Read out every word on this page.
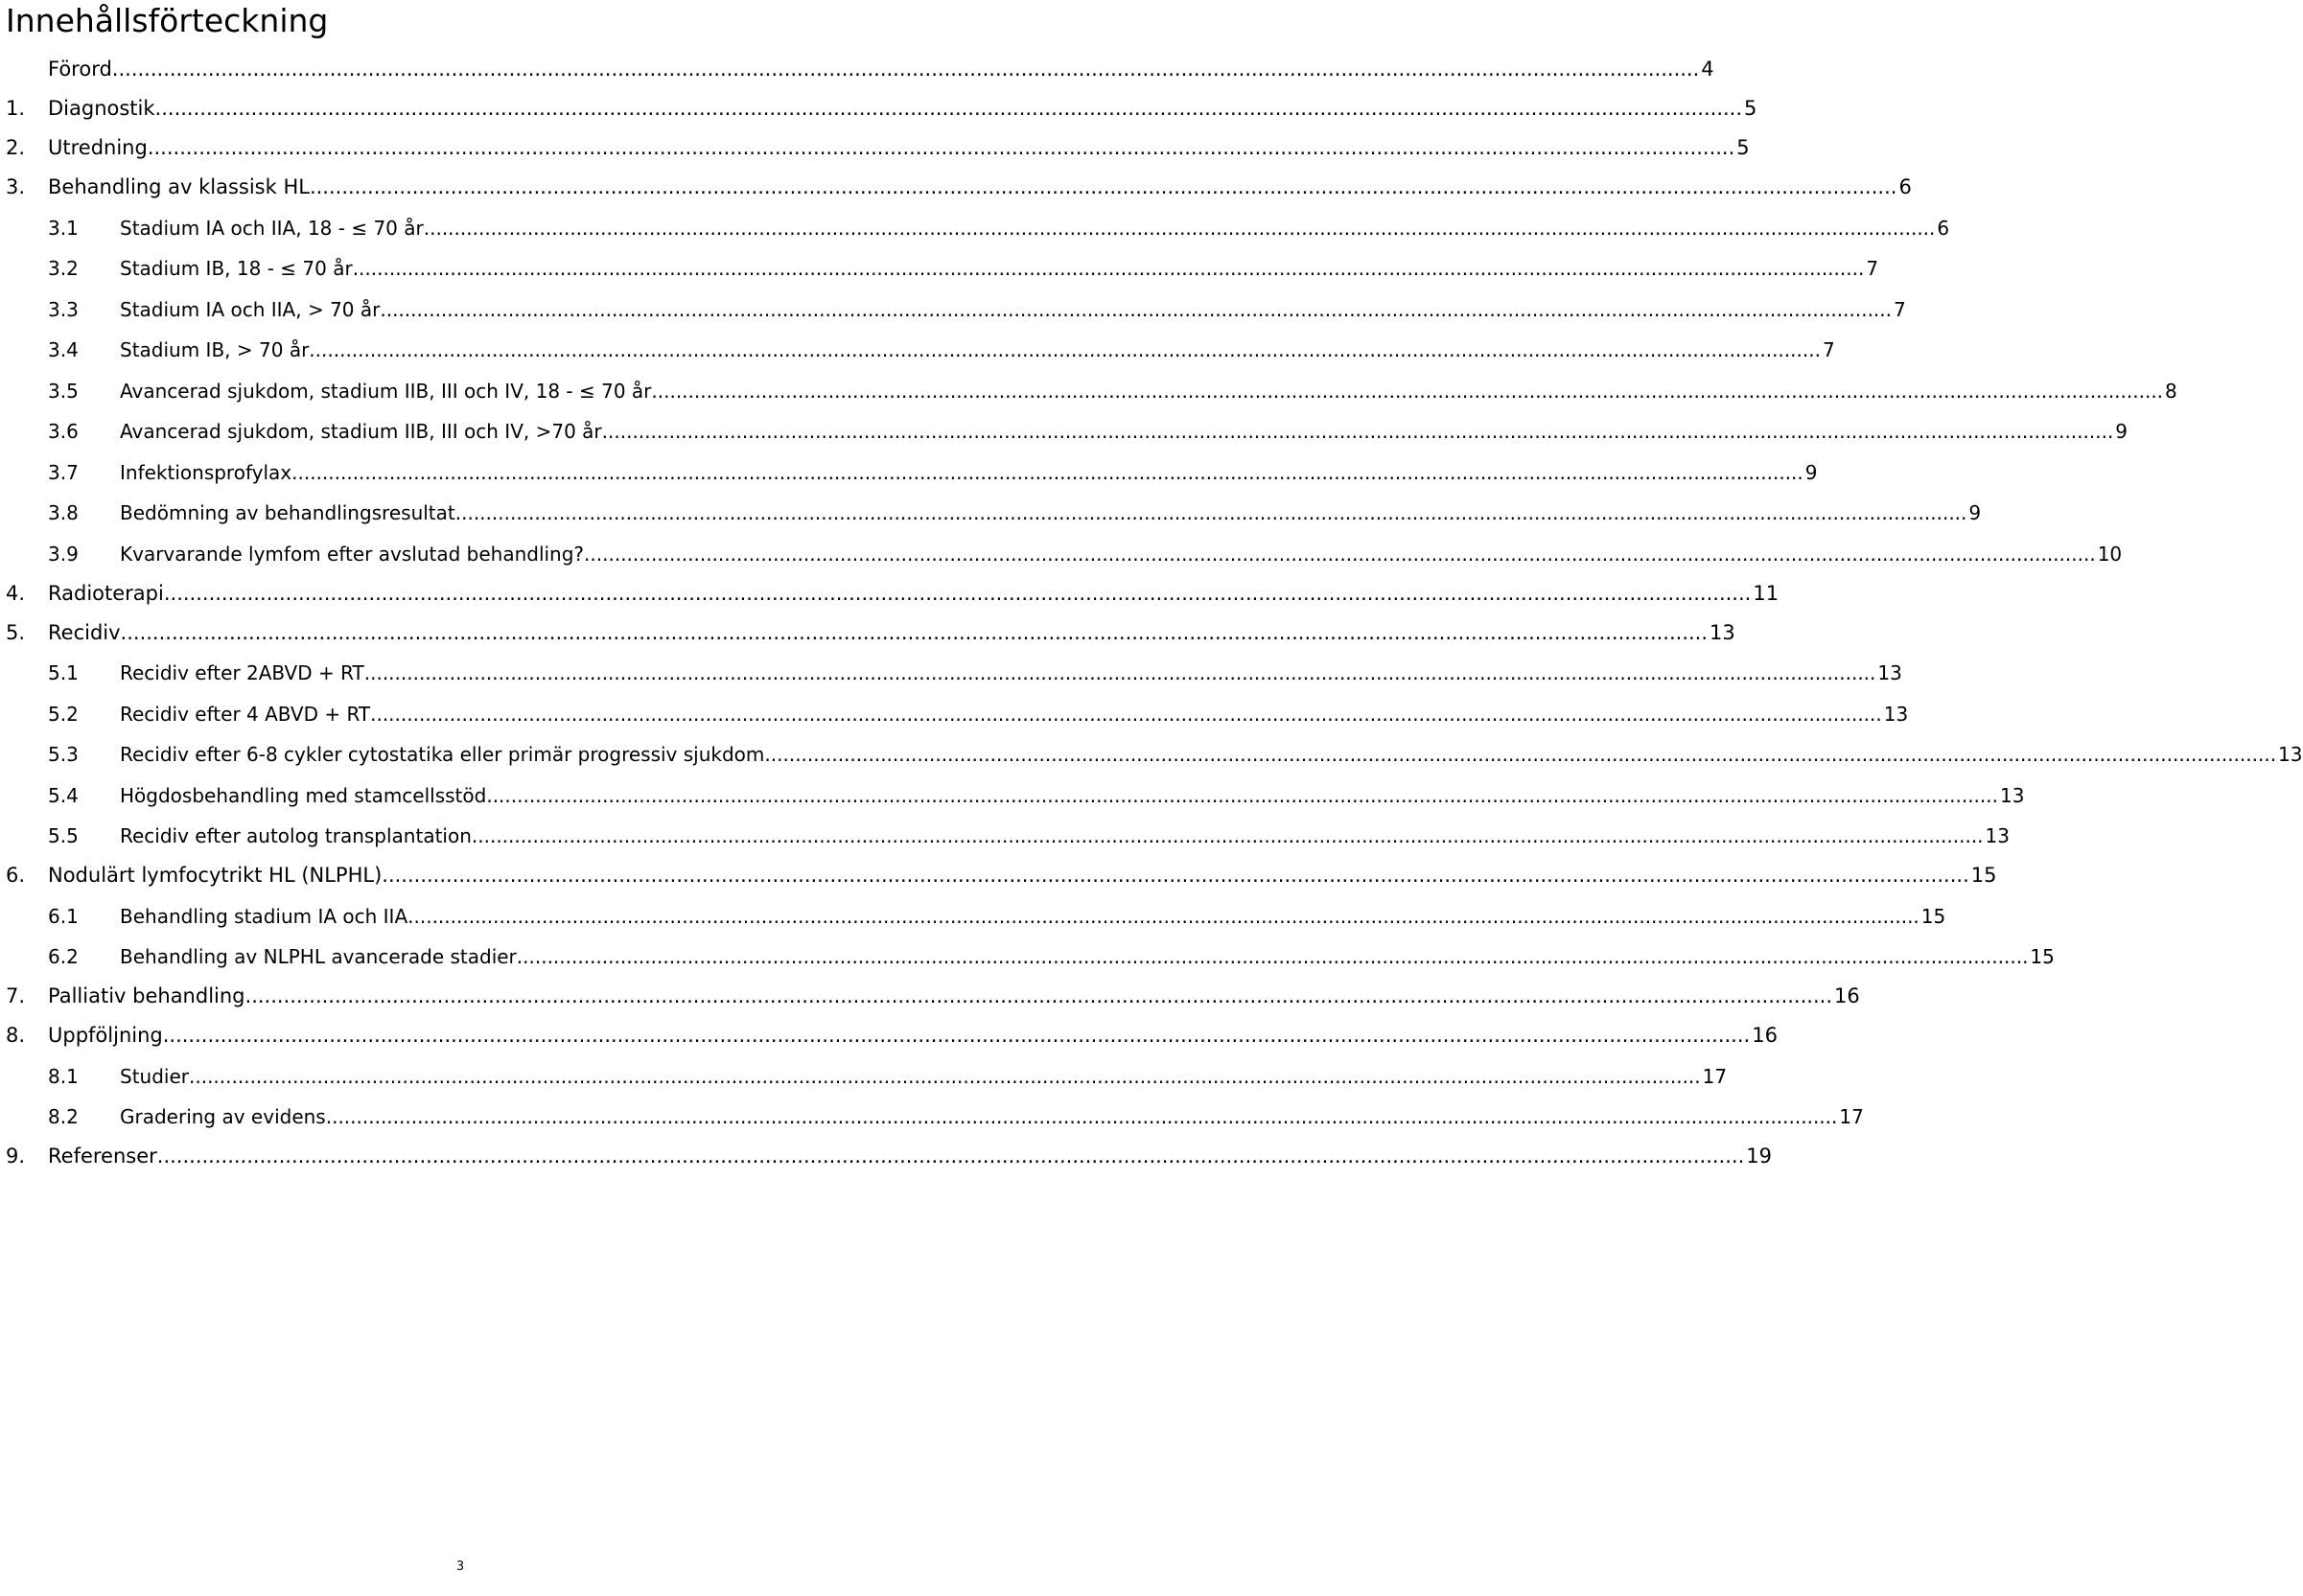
Innehållsförteckning
Förord .....	4
1.	Diagnostik .....	5
2.	Utredning .....	5
3.	Behandling av klassisk HL .....	6
3.1	Stadium IA och IIA, 18 - ≤ 70 år .....	6
3.2	Stadium IB, 18 - ≤ 70 år .....	7
3.3	Stadium IA och IIA, > 70 år .....	7
3.4	Stadium IB, > 70 år .....	7
3.5	Avancerad sjukdom, stadium IIB, III och IV, 18 - ≤ 70 år .....	8
3.6	Avancerad sjukdom, stadium IIB, III och IV, >70 år .....	9
3.7	Infektionsprofylax .....	9
3.8	Bedömning av behandlingsresultat .....	9
3.9	Kvarvarande lymfom efter avslutad behandling? .....	10
4.	Radioterapi .....	11
5.	Recidiv .....	13
5.1	Recidiv efter 2ABVD + RT .....	13
5.2	Recidiv efter 4 ABVD + RT .....	13
5.3	Recidiv efter 6-8 cykler cytostatika eller primär progressiv sjukdom .....	13
5.4	Högdosbehandling med stamcellsstöd .....	13
5.5	Recidiv efter autolog transplantation .....	13
6.	Nodulärt lymfocytrikt HL (NLPHL) .....	15
6.1	Behandling stadium IA och IIA .....	15
6.2	Behandling av NLPHL avancerade stadier .....	15
7.	Palliativ behandling .....	16
8.	Uppföljning .....	16
8.1	Studier .....	17
8.2	Gradering av evidens .....	17
9.	Referenser .....	19
3
